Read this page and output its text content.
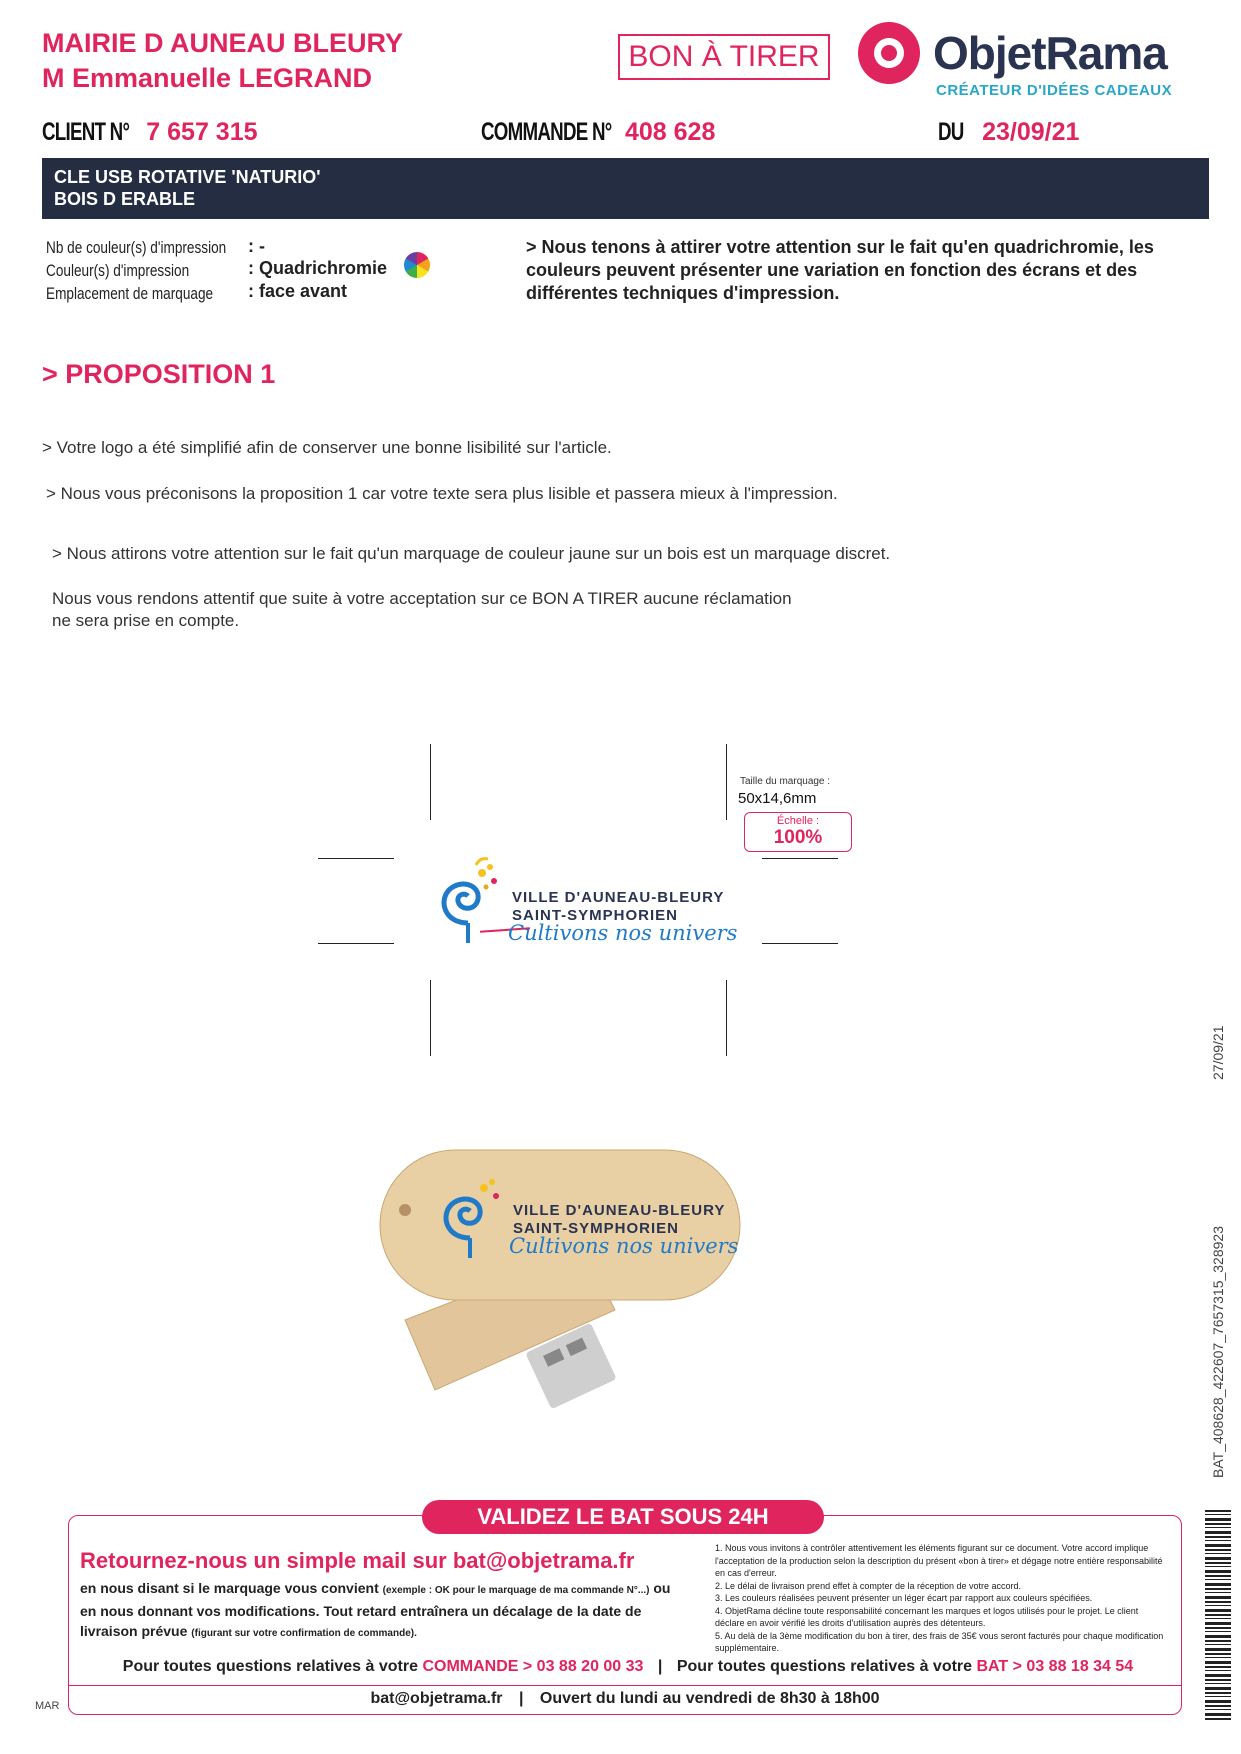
MAIRIE D AUNEAU BLEURY
M Emmanuelle LEGRAND
BON À TIRER ObjetRama
CRÉATEUR D'IDÉES CADEAUX
CLIENT N° 7 657 315	COMMANDE N° 408 628	DU 23/09/21
CLE USB ROTATIVE 'NATURIO'
BOIS D ERABLE
Nb de couleur(s) d'impression : -
Couleur(s) d'impression	: Quadrichromie
Emplacement de marquage : face avant
> Nous tenons à attirer votre attention sur le fait qu'en quadrichromie, les couleurs peuvent présenter une variation en fonction des écrans et des différentes techniques d'impression.
> PROPOSITION 1
> Votre logo a été simplifié afin de conserver une bonne lisibilité sur l'article.
> Nous vous préconisons la proposition 1 car votre texte sera plus lisible et passera mieux à l'impression.
> Nous attirons votre attention sur le fait qu'un marquage de couleur jaune sur un bois est un marquage discret.
Nous vous rendons attentif que suite à votre acceptation sur ce BON A TIRER aucune réclamation
ne sera prise en compte.
Taille du marquage :
50x14,6mm
Échelle :
100%
VILLE D'AUNEAU-BLEURY
SAINT-SYMPHORIEN
Cultivons nos univers
VILLE D'AUNEAU-BLEURY
SAINT-SYMPHORIEN
Cultivons nos univers
27/09/21
BAT_408628_422607_7657315_328923
VALIDEZ LE BAT SOUS 24H
Retournez-nous un simple mail sur bat@objetrama.fr
en nous disant si le marquage vous convient (exemple : OK pour le marquage de ma commande N°...) ou en nous donnant vos modifications. Tout retard entraînera un décalage de la date de livraison prévue (figurant sur votre confirmation de commande).
1. Nous vous invitons à contrôler attentivement les éléments figurant sur ce document. Votre accord implique l'acceptation de la production selon la description du présent «bon à tirer» et dégage notre entière responsabilité en cas d'erreur.
2. Le délai de livraison prend effet à compter de la réception de votre accord.
3. Les couleurs réalisées peuvent présenter un léger écart par rapport aux couleurs spécifiées.
4. ObjetRama décline toute responsabilité concernant les marques et logos utilisés pour le projet. Le client déclare en avoir vérifié les droits d'utilisation auprès des détenteurs.
5. Au delà de la 3ème modification du bon à tirer, des frais de 35€ vous seront facturés pour chaque modification supplémentaire.
Pour toutes questions relatives à votre COMMANDE > 03 88 20 00 33 | Pour toutes questions relatives à votre BAT > 03 88 18 34 54
bat@objetrama.fr | Ouvert du lundi au vendredi de 8h30 à 18h00
MAR
